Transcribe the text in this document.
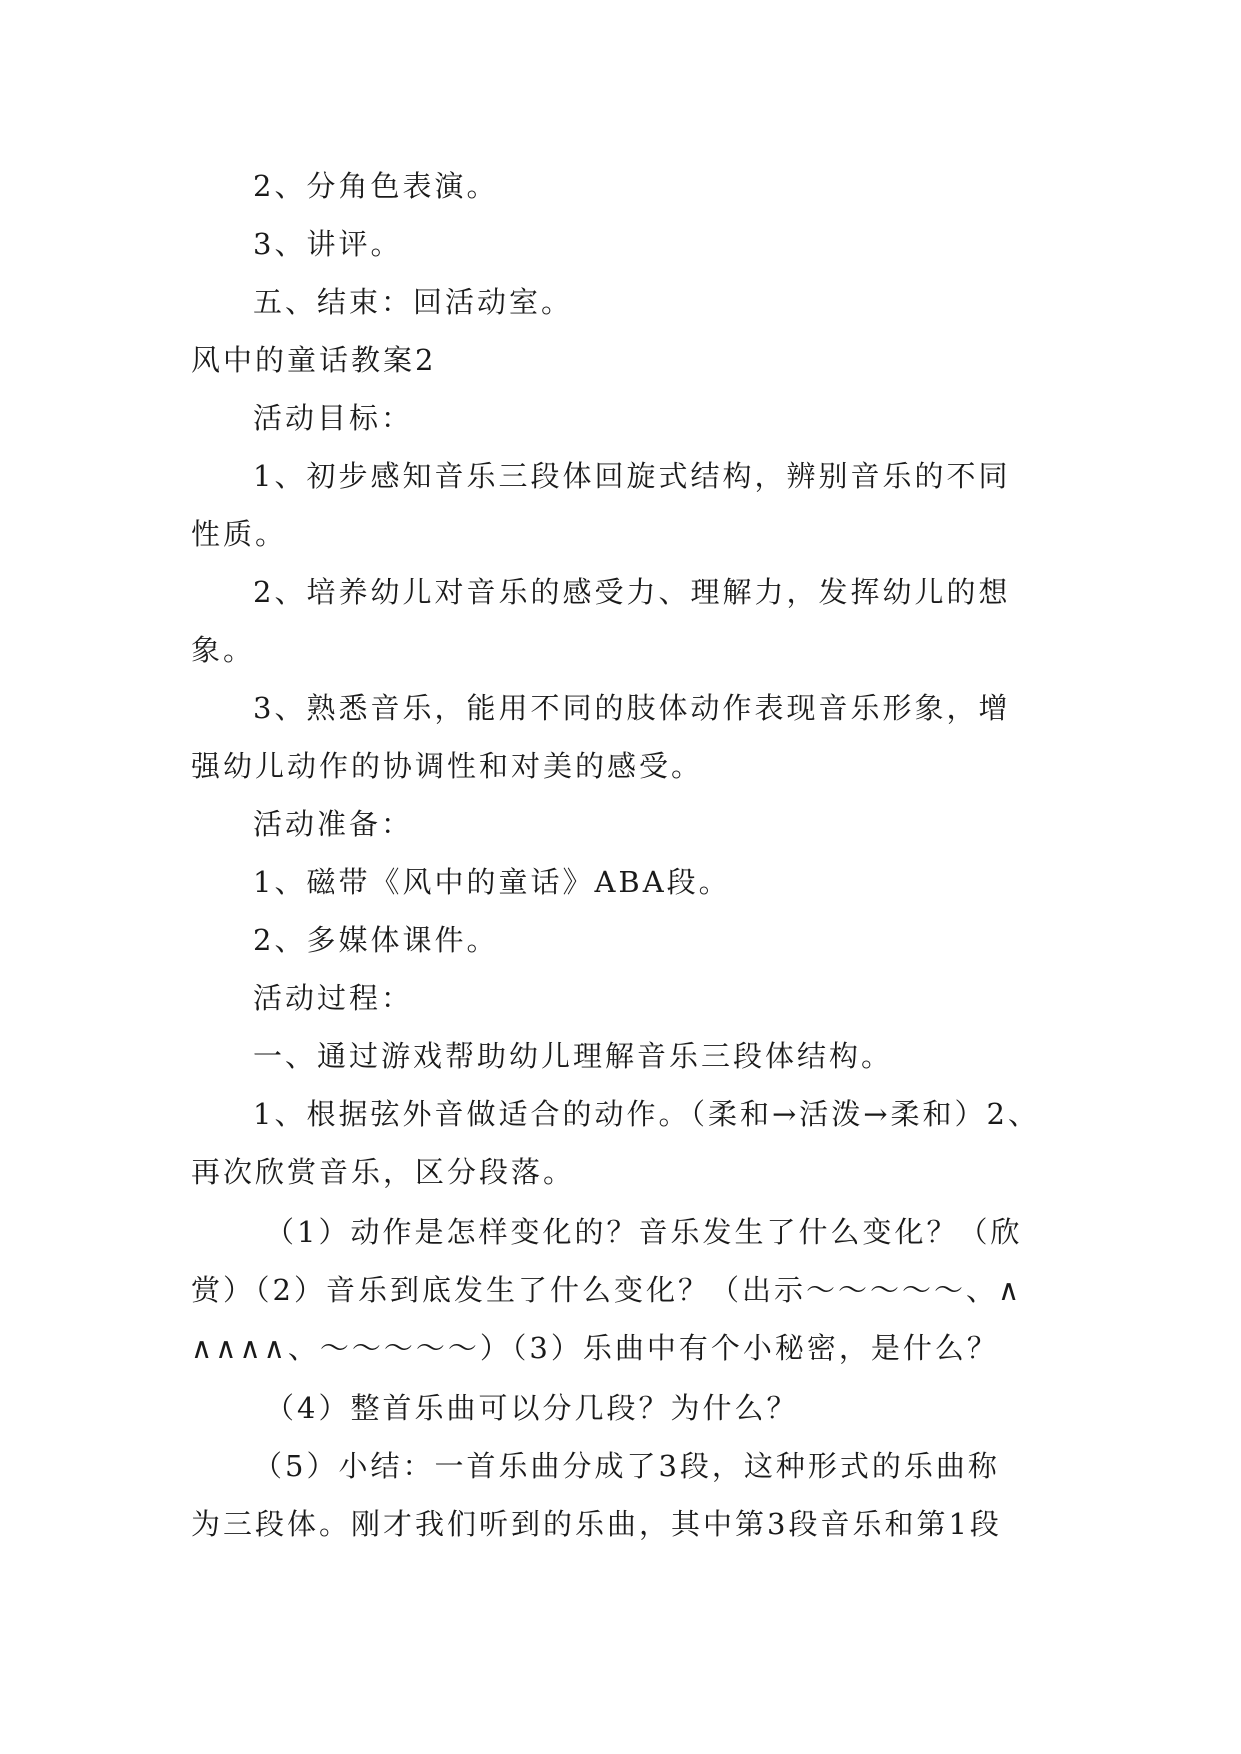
2、分角色表演。
3、讲评。
五、结束：回活动室。
风中的童话教案2
活动目标：
1、初步感知音乐三段体回旋式结构，辨别音乐的不同
性质。
2、培养幼儿对音乐的感受力、理解力，发挥幼儿的想
象。
3、熟悉音乐，能用不同的肢体动作表现音乐形象，增
强幼儿动作的协调性和对美的感受。
活动准备：
1、磁带《风中的童话》ABA段。
2、多媒体课件。
活动过程：
一、通过游戏帮助幼儿理解音乐三段体结构。
1、根据弦外音做适合的动作。（柔和→活泼→柔和）2、
再次欣赏音乐，区分段落。
（1）动作是怎样变化的？音乐发生了什么变化？（欣
赏）（2）音乐到底发生了什么变化？（出示～～～～～、∧
∧∧∧∧、～～～～～）（3）乐曲中有个小秘密，是什么？
（4）整首乐曲可以分几段？为什么？
（5）小结：一首乐曲分成了3段，这种形式的乐曲称
为三段体。刚才我们听到的乐曲，其中第3段音乐和第1段
